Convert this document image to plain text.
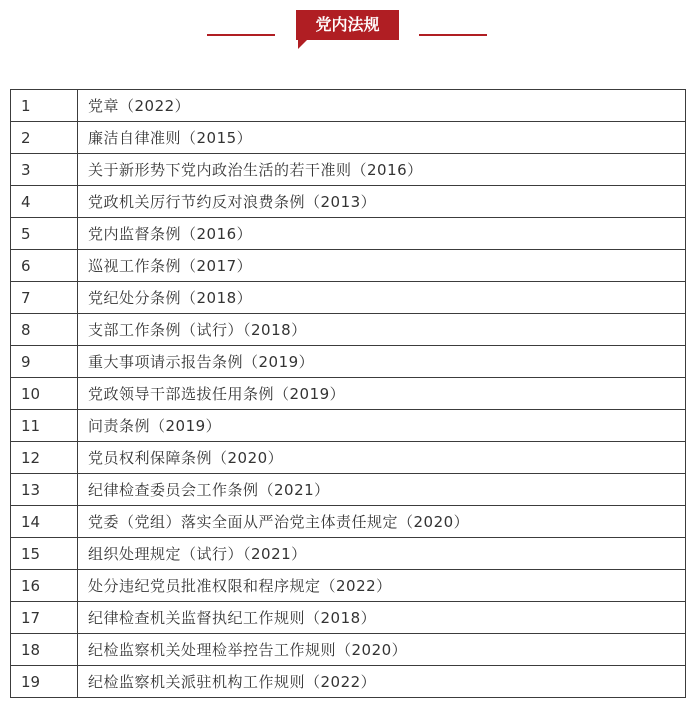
党内法规
1	党章（2022）
2	廉洁自律准则（2015）
3	关于新形势下党内政治生活的若干准则（2016）
4	党政机关厉行节约反对浪费条例（2013）
5	党内监督条例（2016）
6	巡视工作条例（2017）
7	党纪处分条例（2018）
8	支部工作条例（试行）（2018）
9	重大事项请示报告条例（2019）
10	党政领导干部选拔任用条例（2019）
11	问责条例（2019）
12	党员权利保障条例（2020）
13	纪律检查委员会工作条例（2021）
14	党委（党组）落实全面从严治党主体责任规定（2020）
15	组织处理规定（试行）（2021）
16	处分违纪党员批准权限和程序规定（2022）
17	纪律检查机关监督执纪工作规则（2018）
18	纪检监察机关处理检举控告工作规则（2020）
19	纪检监察机关派驻机构工作规则（2022）
